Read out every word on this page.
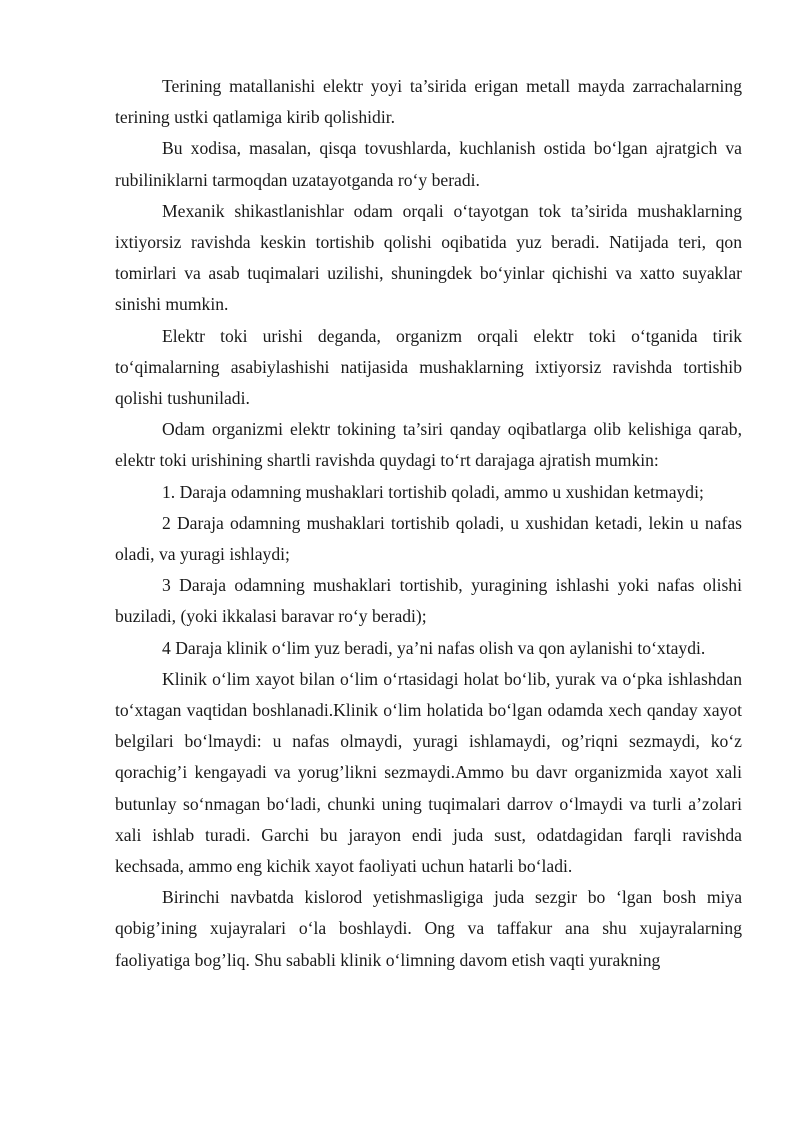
Terining matallanishi elektr yoyi ta’sirida erigan metall mayda zarrachalarning terining ustki qatlamiga kirib qolishidir.

Bu xodisa, masalan, qisqa tovushlarda, kuchlanish ostida bo‘lgan ajratgich va rubiliniklarni tarmoqdan uzatayotganda ro‘y beradi.

Mexanik shikastlanishlar odam orqali o‘tayotgan tok ta’sirida mushaklarning ixtiyorsiz ravishda keskin tortishib qolishi oqibatida yuz beradi. Natijada teri, qon tomirlari va asab tuqimalari uzilishi, shuningdek bo‘yinlar qichishi va xatto suyaklar sinishi mumkin.

Elektr toki urishi deganda, organizm orqali elektr toki o‘tganida tirik to‘qimalarning asabiylashishi natijasida mushaklarning ixtiyorsiz ravishda tortishib qolishi tushuniladi.

Odam organizmi elektr tokining ta’siri qanday oqibatlarga olib kelishiga qarab, elektr toki urishining shartli ravishda quydagi to‘rt darajaga ajratish mumkin:

1. Daraja odamning mushaklari tortishib qoladi, ammo u xushidan ketmaydi;

2 Daraja odamning mushaklari tortishib qoladi, u xushidan ketadi, lekin u nafas oladi, va yuragi ishlaydi;

3 Daraja odamning mushaklari tortishib, yuragining ishlashi yoki nafas olishi buziladi, (yoki ikkalasi baravar ro‘y beradi);

4 Daraja klinik o‘lim yuz beradi, ya’ni nafas olish va qon aylanishi to‘xtaydi.

Klinik o‘lim xayot bilan o‘lim o‘rtasidagi holat bo‘lib, yurak va o‘pka ishlashdan to‘xtagan vaqtidan boshlanadi.Klinik o‘lim holatida bo‘lgan odamda xech qanday xayot belgilari bo‘lmaydi: u nafas olmaydi, yuragi ishlamaydi, og’riqni sezmaydi, ko‘z qorachig’i kengayadi va yorug’likni sezmaydi.Ammo bu davr organizmida xayot xali butunlay so‘nmagan bo‘ladi, chunki uning tuqimalari darrov o‘lmaydi va turli a’zolari xali ishlab turadi. Garchi bu jarayon endi juda sust, odatdagidan farqli ravishda kechsada, ammo eng kichik xayot faoliyati uchun hatarli bo‘ladi.

Birinchi navbatda kislorod yetishmasligiga juda sezgir bo ‘lgan bosh miya qobig’ining xujayralari o‘la boshlaydi. Ong va taffakur ana shu xujayralarning faoliyatiga bog’liq. Shu sababli klinik o‘limning davom etish vaqti yurakning
